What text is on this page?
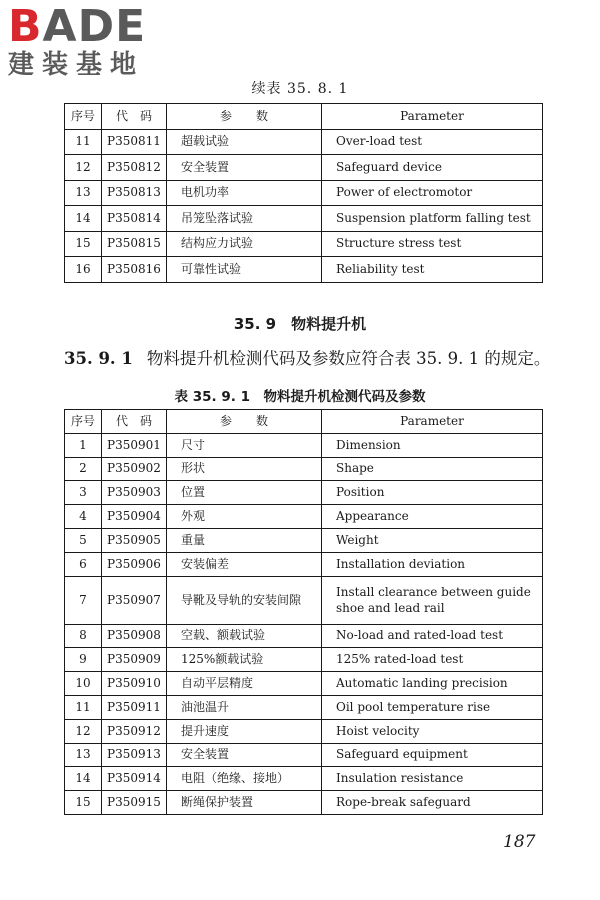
BADE
建装基地
续表 35. 8. 1
序号	代　码	参　　数	Parameter
11	P350811	超载试验	Over-load test
12	P350812	安全装置	Safeguard device
13	P350813	电机功率	Power of electromotor
14	P350814	吊笼坠落试验	Suspension platform falling test
15	P350815	结构应力试验	Structure stress test
16	P350816	可靠性试验	Reliability test
35. 9　 物料提升机
35. 9. 1 物料提升机检测代码及参数应符合表 35. 9. 1 的规定。
表 35. 9. 1　物料提升机检测代码及参数
序号	代　码	参　　数	Parameter
1	P350901	尺寸	Dimension
2	P350902	形状	Shape
3	P350903	位置	Position
4	P350904	外观	Appearance
5	P350905	重量	Weight
6	P350906	安装偏差	Installation deviation
7	P350907	导靴及导轨的安装间隙	Install clearance between guide shoe and lead rail
8	P350908	空载、额载试验	No-load and rated-load test
9	P350909	125%额载试验	125% rated-load test
10	P350910	自动平层精度	Automatic landing precision
11	P350911	油池温升	Oil pool temperature rise
12	P350912	提升速度	Hoist velocity
13	P350913	安全装置	Safeguard equipment
14	P350914	电阻（绝缘、接地）	Insulation resistance
15	P350915	断绳保护装置	Rope-break safeguard
187
